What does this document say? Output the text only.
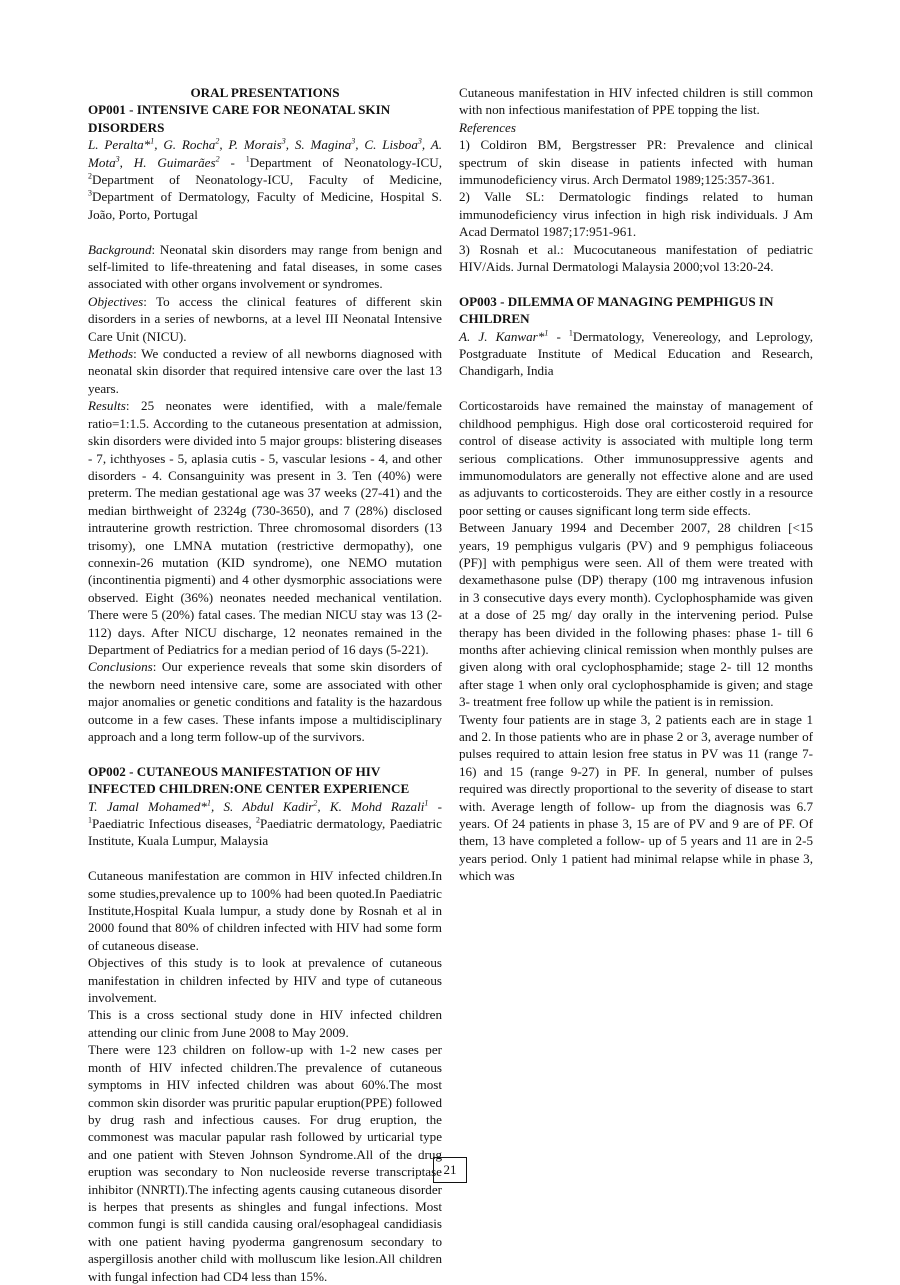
ORAL PRESENTATIONS

OP001 - INTENSIVE CARE FOR NEONATAL SKIN DISORDERS

L. Peralta*$^1$, G. Rocha$^2$, P. Morais$^3$, S. Magina$^3$, C. Lisboa$^3$, A. Mota$^3$, H. Guimarães$^2$ - $^1$Department of Neonatology-ICU, $^2$Department of Neonatology-ICU, Faculty of Medicine, $^3$Department of Dermatology, Faculty of Medicine, Hospital S. João, Porto, Portugal

Background: Neonatal skin disorders may range from benign and self-limited to life-threatening and fatal diseases, in some cases associated with other organs involvement or syndromes.

Objectives: To access the clinical features of different skin disorders in a series of newborns, at a level III Neonatal Intensive Care Unit (NICU).

Methods: We conducted a review of all newborns diagnosed with neonatal skin disorder that required intensive care over the last 13 years.

Results: 25 neonates were identified, with a male/female ratio=1:1.5. According to the cutaneous presentation at admission, skin disorders were divided into 5 major groups: blistering diseases - 7, ichthyoses - 5, aplasia cutis - 5, vascular lesions - 4, and other disorders - 4. Consanguinity was present in 3. Ten (40%) were preterm. The median gestational age was 37 weeks (27-41) and the median birthweight of 2324g (730-3650), and 7 (28%) disclosed intrauterine growth restriction. Three chromosomal disorders (13 trisomy), one LMNA mutation (restrictive dermopathy), one connexin-26 mutation (KID syndrome), one NEMO mutation (incontinentia pigmenti) and 4 other dysmorphic associations were observed. Eight (36%) neonates needed mechanical ventilation. There were 5 (20%) fatal cases. The median NICU stay was 13 (2-112) days. After NICU discharge, 12 neonates remained in the Department of Pediatrics for a median period of 16 days (5-221).

Conclusions: Our experience reveals that some skin disorders of the newborn need intensive care, some are associated with other major anomalies or genetic conditions and fatality is the hazardous outcome in a few cases. These infants impose a multidisciplinary approach and a long term follow-up of the survivors.

OP002 - CUTANEOUS MANIFESTATION OF HIV INFECTED CHILDREN:ONE CENTER EXPERIENCE

T. Jamal Mohamed*$^1$, S. Abdul Kadir$^2$, K. Mohd Razali$^1$ - $^1$Paediatric Infectious diseases, $^2$Paediatric dermatology, Paediatric Institute, Kuala Lumpur, Malaysia

Cutaneous manifestation are common in HIV infected children.In some studies,prevalence up to 100% had been quoted.In Paediatric Institute,Hospital Kuala lumpur, a study done by Rosnah et al in 2000 found that 80% of children infected with HIV had some form of cutaneous disease.

Objectives of this study is to look at prevalence of cutaneous manifestation in children infected by HIV and type of cutaneous involvement.

This is a cross sectional study done in HIV infected children attending our clinic from June 2008 to May 2009.

There were 123 children on follow-up with 1-2 new cases per month of HIV infected children.The prevalence of cutaneous symptoms in HIV infected children was about 60%.The most common skin disorder was pruritic papular eruption(PPE) followed by drug rash and infectious causes. For drug eruption, the commonest was macular papular rash followed by urticarial type and one patient with Steven Johnson Syndrome.All of the drug eruption was secondary to Non nucleoside reverse transcriptase inhibitor (NNRTI).The infecting agents causing cutaneous disorder is herpes that presents as shingles and fungal infections. Most common fungi is still candida causing oral/esophageal candidiasis with one patient having pyoderma gangrenosum secondary to aspergillosis another child with molluscum like lesion.All children with fungal infection had CD4 less than 15%.

Cutaneous manifestation in HIV infected children is still common with non infectious manifestation of PPE topping the list.

References

1) Coldiron BM, Bergstresser PR: Prevalence and clinical spectrum of skin disease in patients infected with human immunodeficiency virus. Arch Dermatol 1989;125:357-361.

2) Valle SL: Dermatologic findings related to human immunodeficiency virus infection in high risk individuals. J Am Acad Dermatol 1987;17:951-961.

3) Rosnah et al.: Mucocutaneous manifestation of pediatric HIV/Aids. Jurnal Dermatologi Malaysia 2000;vol 13:20-24.

OP003 - DILEMMA OF MANAGING PEMPHIGUS IN CHILDREN

A. J. Kanwar*$^1$ - $^1$Dermatology, Venereology, and Leprology, Postgraduate Institute of Medical Education and Research, Chandigarh, India

Corticostaroids have remained the mainstay of management of childhood pemphigus. High dose oral corticosteroid required for control of disease activity is associated with multiple long term serious complications. Other immunosuppressive agents and immunomodulators are generally not effective alone and are used as adjuvants to corticosteroids. They are either costly in a resource poor setting or causes significant long term side effects.

Between January 1994 and December 2007, 28 children [<15 years, 19 pemphigus vulgaris (PV) and 9 pemphigus foliaceous (PF)] with pemphigus were seen. All of them were treated with dexamethasone pulse (DP) therapy (100 mg intravenous infusion in 3 consecutive days every month). Cyclophosphamide was given at a dose of 25 mg/ day orally in the intervening period. Pulse therapy has been divided in the following phases: phase 1- till 6 months after achieving clinical remission when monthly pulses are given along with oral cyclophosphamide; stage 2- till 12 months after stage 1 when only oral cyclophosphamide is given; and stage 3- treatment free follow up while the patient is in remission.

Twenty four patients are in stage 3, 2 patients each are in stage 1 and 2. In those patients who are in phase 2 or 3, average number of pulses required to attain lesion free status in PV was 11 (range 7- 16) and 15 (range 9-27) in PF. In general, number of pulses required was directly proportional to the severity of disease to start with. Average length of follow- up from the diagnosis was 6.7 years. Of 24 patients in phase 3, 15 are of PV and 9 are of PF. Of them, 13 have completed a follow- up of 5 years and 11 are in 2-5 years period. Only 1 patient had minimal relapse while in phase 3, which was

21
